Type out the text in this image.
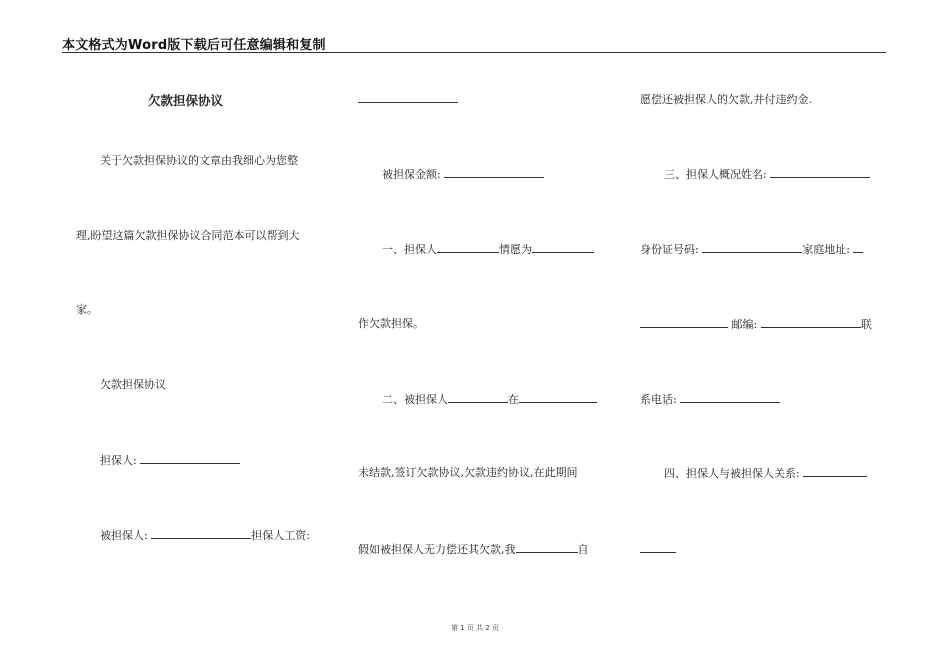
本文格式为Word版下载后可任意编辑和复制
欠款担保协议
关于欠款担保协议的文章由我细心为您整
理,盼望这篇欠款担保协议合同范本可以帮到大
家。
欠款担保协议
担保人:
被担保人:	担保人工资:
被担保金额:
一、担保人	情愿为
作欠款担保。
二、被担保人	在
未结款,签订欠款协议,欠款违约协议,在此期间
假如被担保人无力偿还其欠款,我	自
愿偿还被担保人的欠款,并付违约金.
三、担保人概况姓名:
身份证号码:	家庭地址:
邮编:	联
系电话:
四、担保人与被担保人关系:
第 1 页 共 2 页
